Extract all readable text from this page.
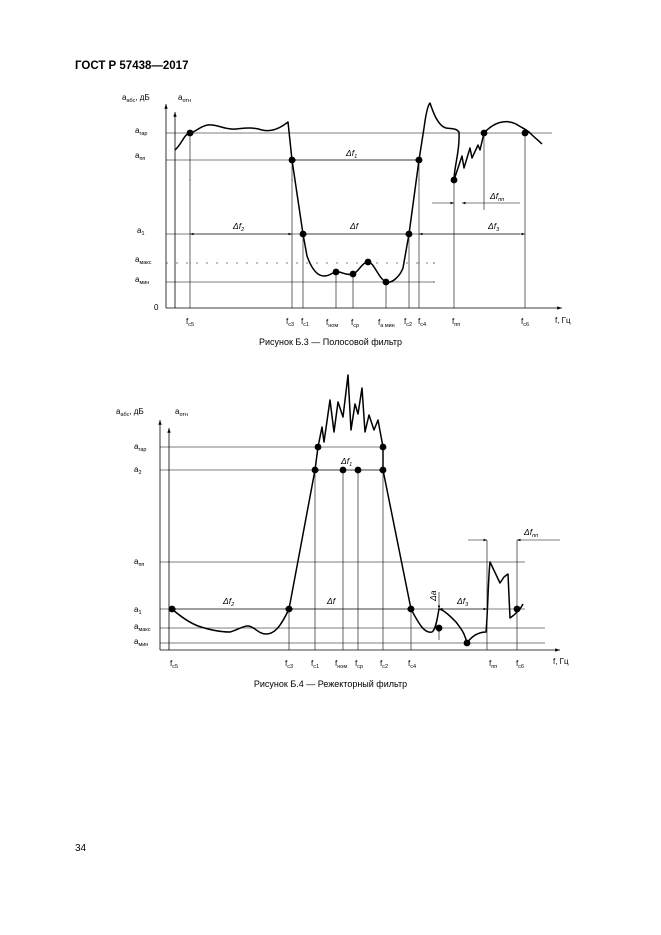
ГОСТ Р 57438—2017

$a_{абс}$, дБ	$a_{отн}$
$a_{гар}$
$a_{пп}$
$a_1$
$a_{макс}$
$a_{мин}$
0
$f_{c5}$	$f_{c3}$ $f_{c1}$ $f_{ном}$ $f_{ср}$ $f_{a мин}$ $f_{c2}$ $f_{c4}$	$f_{пп}$	$f_{c6}$	f, Гц
$\Delta f_1$
$\Delta f_2$	Δf	$\Delta f_3$
$\Delta f_{пп}$

Рисунок Б.3 — Полосовой фильтр

$a_{абс}$, дБ	$a_{отн}$
$a_{гар}$
$a_2$
$a_{пп}$
$a_1$
$a_{макс}$
$a_{мин}$
$f_{c5}$	$f_{c3}$ $f_{c1}$ $f_{ном}$ $f_{ср}$ $f_{c2}$ $f_{c4}$	$f_{пп}$ $f_{c6}$
f, Гц
$\Delta f_1$
$\Delta f_2$	Δf	Δa $\Delta f_3$
$\Delta f_{пп}$

Рисунок Б.4 — Режекторный фильтр

34
